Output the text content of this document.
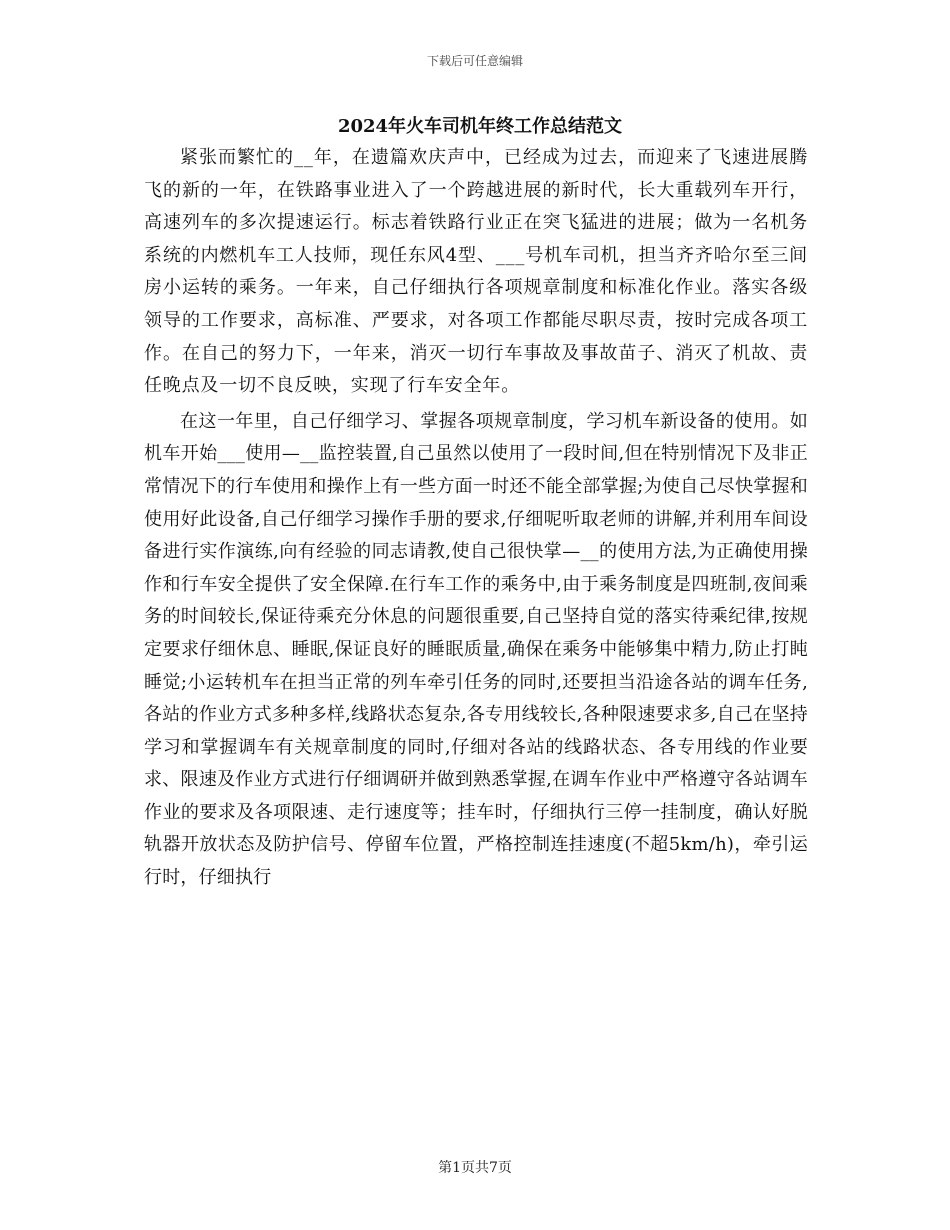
下载后可任意编辑
2024年火车司机年终工作总结范文

紧张而繁忙的__年，在遗篇欢庆声中，已经成为过去，而迎来了飞速进展腾飞的新的一年，在铁路事业进入了一个跨越进展的新时代，长大重载列车开行，高速列车的多次提速运行。标志着铁路行业正在突飞猛进的进展；做为一名机务系统的内燃机车工人技师，现任东风4型、___号机车司机，担当齐齐哈尔至三间房小运转的乘务。一年来，自己仔细执行各项规章制度和标准化作业。落实各级领导的工作要求，高标准、严要求，对各项工作都能尽职尽责，按时完成各项工作。在自己的努力下，一年来，消灭一切行车事故及事故苗子、消灭了机故、责任晚点及一切不良反映，实现了行车安全年。

在这一年里，自己仔细学习、掌握各项规章制度，学习机车新设备的使用。如机车开始___使用—__监控装置,自己虽然以使用了一段时间,但在特别情况下及非正常情况下的行车使用和操作上有一些方面一时还不能全部掌握;为使自己尽快掌握和使用好此设备,自己仔细学习操作手册的要求,仔细呢听取老师的讲解,并利用车间设备进行实作演练,向有经验的同志请教,使自己很快掌—__的使用方法,为正确使用操作和行车安全提供了安全保障.在行车工作的乘务中,由于乘务制度是四班制,夜间乘务的时间较长,保证待乘充分休息的问题很重要,自己坚持自觉的落实待乘纪律,按规定要求仔细休息、睡眠,保证良好的睡眠质量,确保在乘务中能够集中精力,防止打盹睡觉;小运转机车在担当正常的列车牵引任务的同时,还要担当沿途各站的调车任务,各站的作业方式多种多样,线路状态复杂,各专用线较长,各种限速要求多,自己在坚持学习和掌握调车有关规章制度的同时,仔细对各站的线路状态、各专用线的作业要求、限速及作业方式进行仔细调研并做到熟悉掌握,在调车作业中严格遵守各站调车作业的要求及各项限速、走行速度等；挂车时，仔细执行三停一挂制度，确认好脱轨器开放状态及防护信号、停留车位置，严格控制连挂速度(不超5km/h)，牵引运行时，仔细执行

第1页共7页
